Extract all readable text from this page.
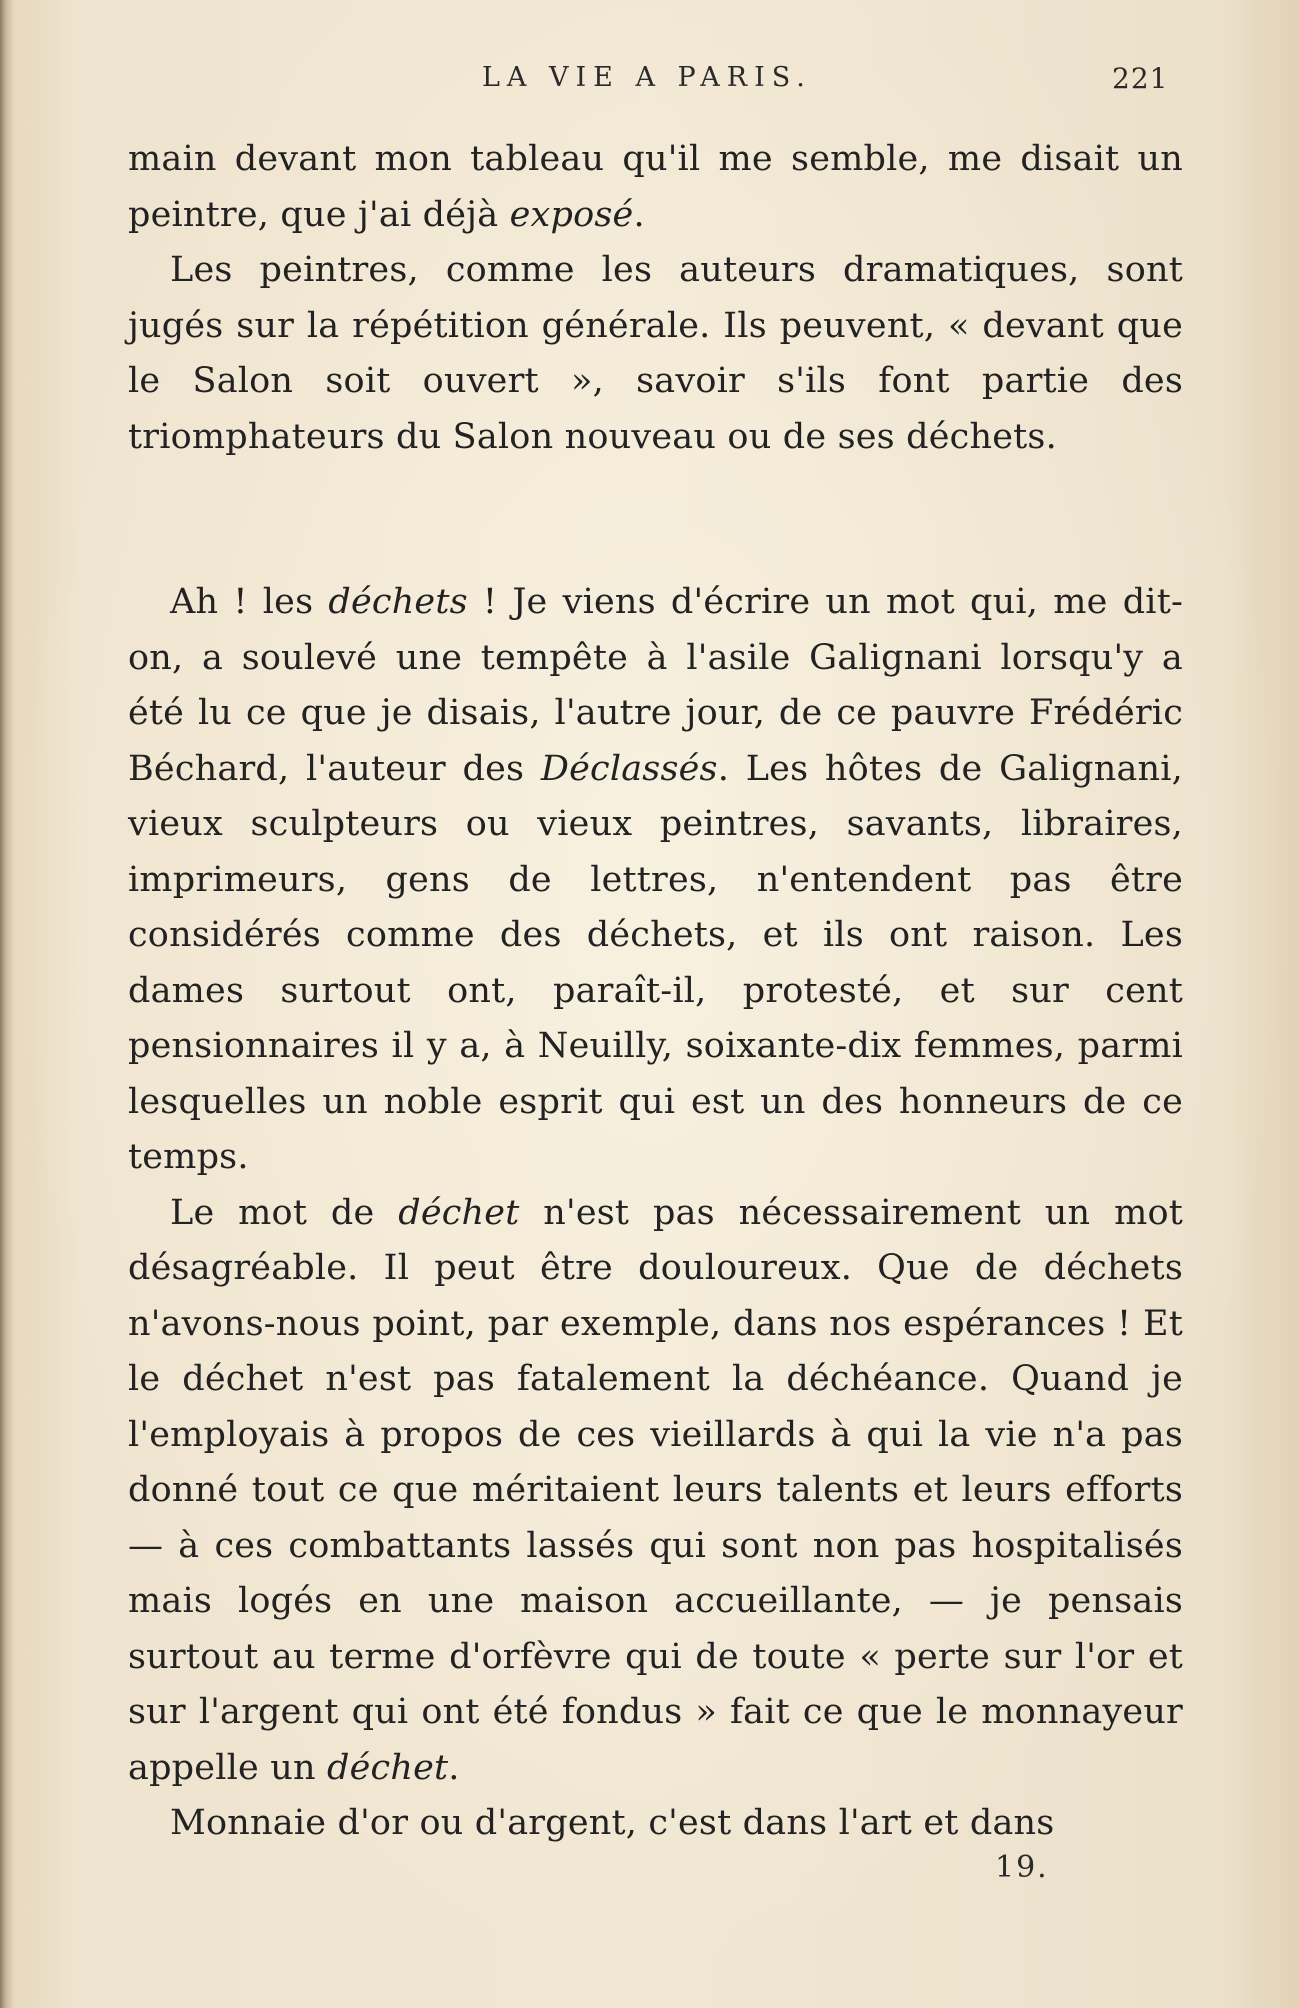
LA VIE A PARIS.	221

main devant mon tableau qu'il me semble, me disait un peintre, que j'ai déjà exposé.

Les peintres, comme les auteurs dramatiques, sont jugés sur la répétition générale. Ils peuvent, « devant que le Salon soit ouvert », savoir s'ils font partie des triomphateurs du Salon nouveau ou de ses déchets.

Ah ! les déchets ! Je viens d'écrire un mot qui, me dit-on, a soulevé une tempête à l'asile Galignani lorsqu'y a été lu ce que je disais, l'autre jour, de ce pauvre Frédéric Béchard, l'auteur des Déclassés. Les hôtes de Galignani, vieux sculpteurs ou vieux peintres, savants, libraires, imprimeurs, gens de lettres, n'entendent pas être considérés comme des déchets, et ils ont raison. Les dames surtout ont, paraît-il, protesté, et sur cent pensionnaires il y a, à Neuilly, soixante-dix femmes, parmi lesquelles un noble esprit qui est un des honneurs de ce temps.

Le mot de déchet n'est pas nécessairement un mot désagréable. Il peut être douloureux. Que de déchets n'avons-nous point, par exemple, dans nos espérances ! Et le déchet n'est pas fatalement la déchéance. Quand je l'employais à propos de ces vieillards à qui la vie n'a pas donné tout ce que méritaient leurs talents et leurs efforts — à ces combattants lassés qui sont non pas hospitalisés mais logés en une maison accueillante, — je pensais surtout au terme d'orfèvre qui de toute « perte sur l'or et sur l'argent qui ont été fondus » fait ce que le monnayeur appelle un déchet.

Monnaie d'or ou d'argent, c'est dans l'art et dans

19.
